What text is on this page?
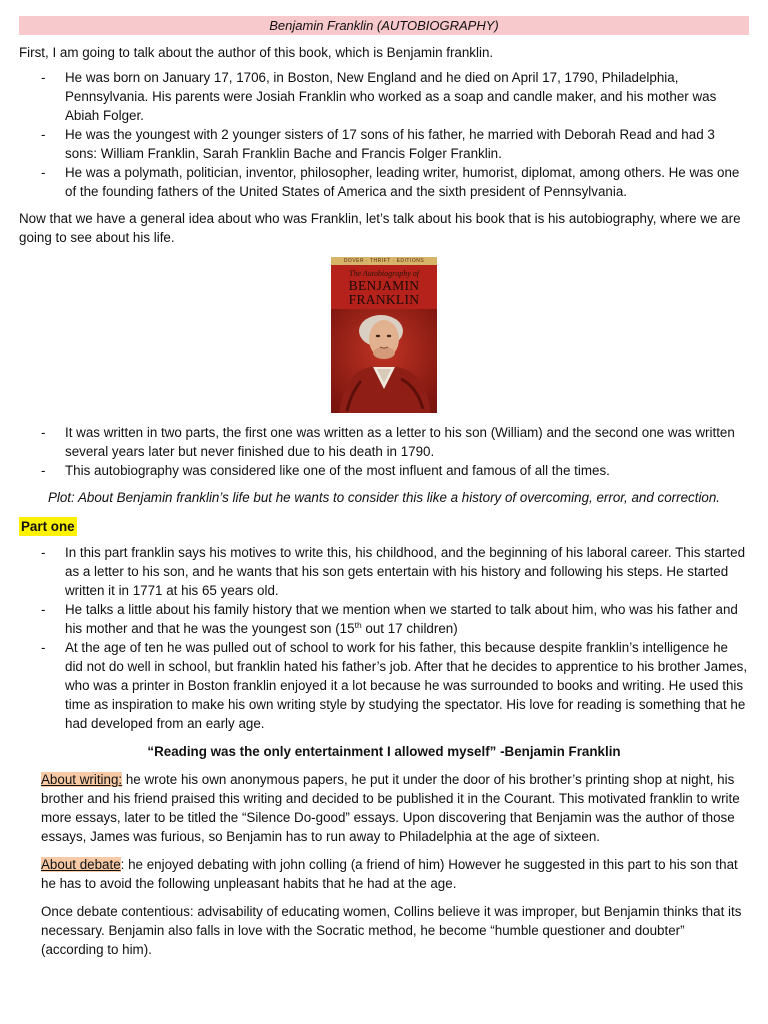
Benjamin Franklin (AUTOBIOGRAPHY)

First, I am going to talk about the author of this book, which is Benjamin franklin.

- He was born on January 17, 1706, in Boston, New England and he died on April 17, 1790, Philadelphia, Pennsylvania. His parents were Josiah Franklin who worked as a soap and candle maker, and his mother was Abiah Folger.
- He was the youngest with 2 younger sisters of 17 sons of his father, he married with Deborah Read and had 3 sons: William Franklin, Sarah Franklin Bache and Francis Folger Franklin.
- He was a polymath, politician, inventor, philosopher, leading writer, humorist, diplomat, among others. He was one of the founding fathers of the United States of America and the sixth president of Pennsylvania.

Now that we have a general idea about who was Franklin, let’s talk about his book that is his autobiography, where we are going to see about his life.

DOVER · THRIFT · EDITIONS
The Autobiography of
BENJAMIN
FRANKLIN
- It was written in two parts, the first one was written as a letter to his son (William) and the second one was written several years later but never finished due to his death in 1790.
- This autobiography was considered like one of the most influent and famous of all the times.

Plot: About Benjamin franklin’s life but he wants to consider this like a history of overcoming, error, and correction.

Part one
- In this part franklin says his motives to write this, his childhood, and the beginning of his laboral career. This started as a letter to his son, and he wants that his son gets entertain with his history and following his steps. He started written it in 1771 at his 65 years old.
- He talks a little about his family history that we mention when we started to talk about him, who was his father and his mother and that he was the youngest son (15th out 17 children)
- At the age of ten he was pulled out of school to work for his father, this because despite franklin’s intelligence he did not do well in school, but franklin hated his father’s job. After that he decides to apprentice to his brother James, who was a printer in Boston franklin enjoyed it a lot because he was surrounded to books and writing. He used this time as inspiration to make his own writing style by studying the spectator. His love for reading is something that he had developed from an early age.

“Reading was the only entertainment I allowed myself” -Benjamin Franklin

About writing: he wrote his own anonymous papers, he put it under the door of his brother’s printing shop at night, his brother and his friend praised this writing and decided to be published it in the Courant. This motivated franklin to write more essays, later to be titled the “Silence Do-good” essays. Upon discovering that Benjamin was the author of those essays, James was furious, so Benjamin has to run away to Philadelphia at the age of sixteen.

About debate: he enjoyed debating with john colling (a friend of him) However he suggested in this part to his son that he has to avoid the following unpleasant habits that he had at the age.

Once debate contentious: advisability of educating women, Collins believe it was improper, but Benjamin thinks that its necessary. Benjamin also falls in love with the Socratic method, he become “humble questioner and doubter” (according to him).
